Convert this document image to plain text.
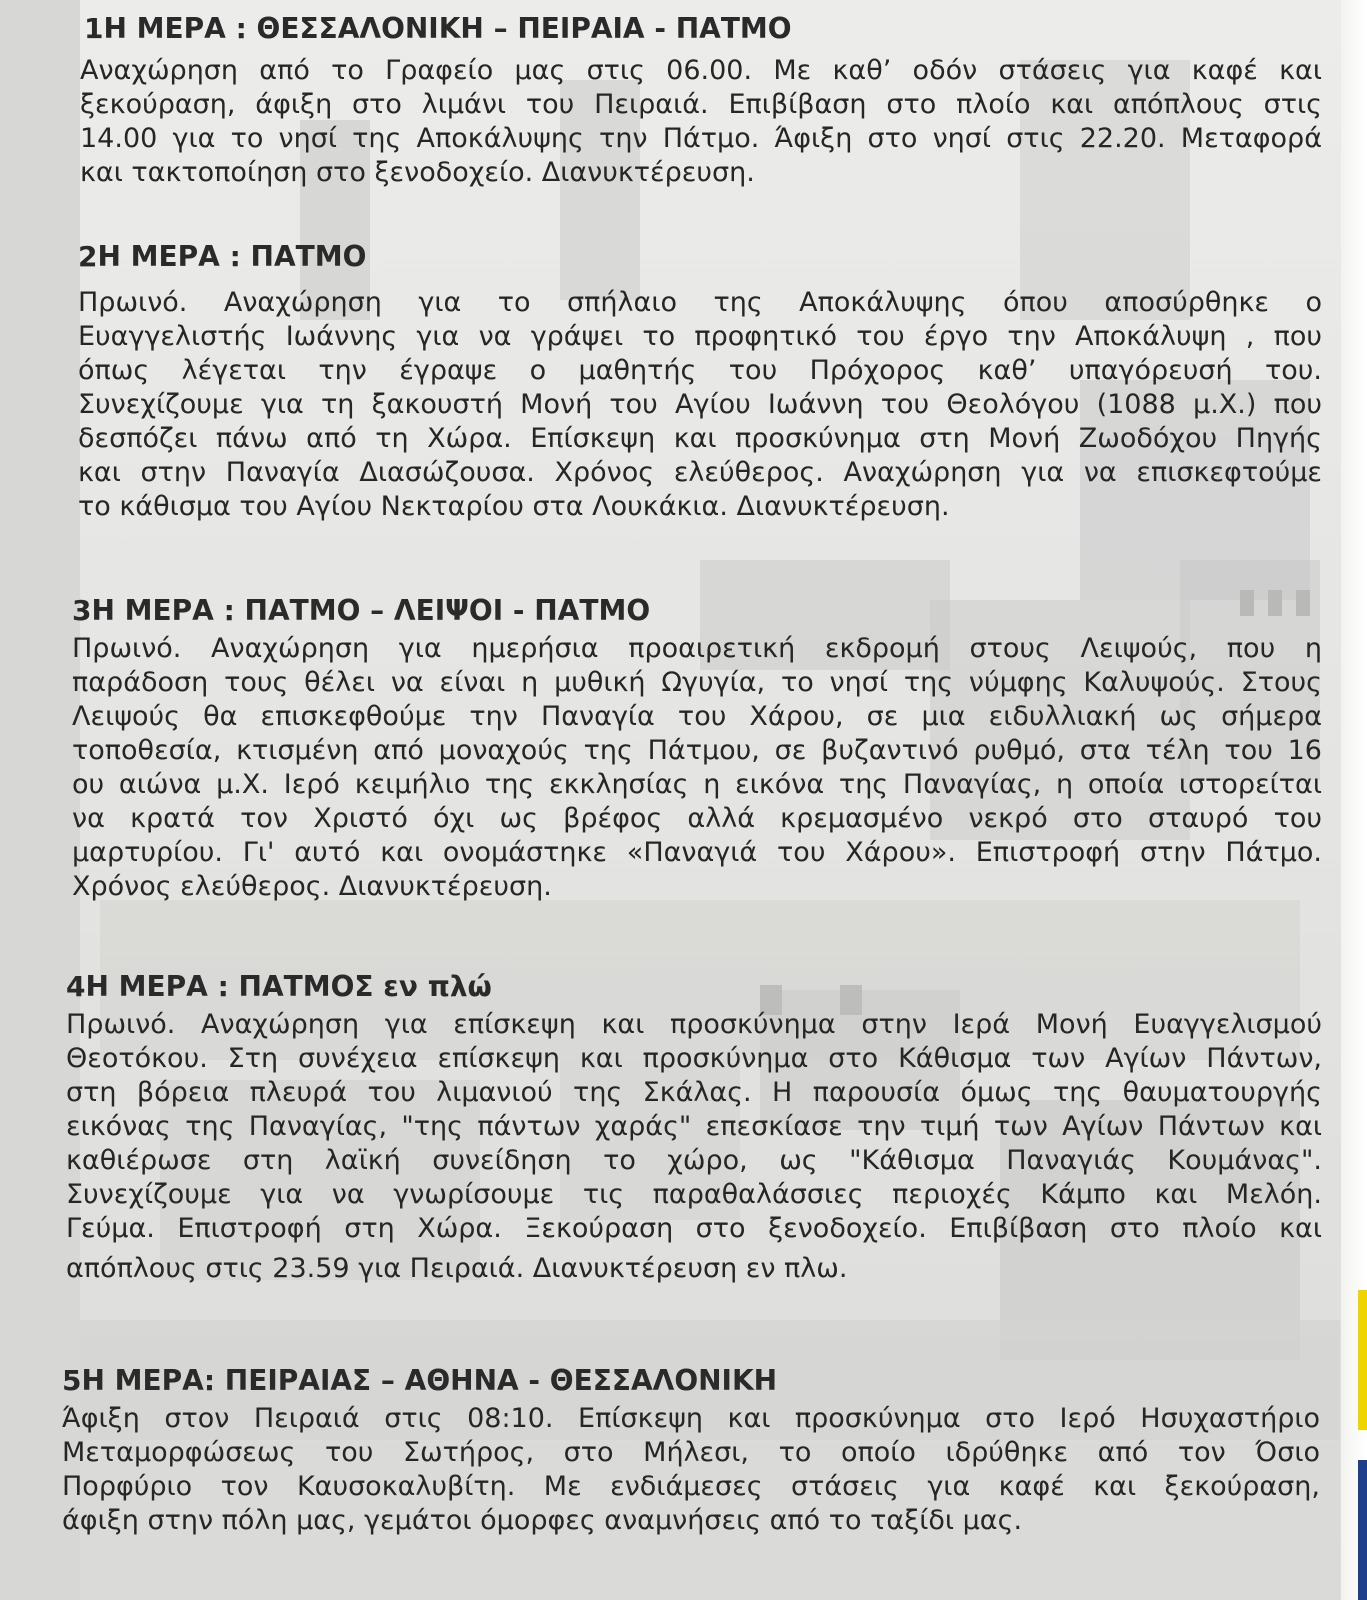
1Η ΜΕΡΑ : ΘΕΣΣΑΛΟΝΙΚΗ – ΠΕΙΡΑΙΑ - ΠΑΤΜΟ

Αναχώρηση από το Γραφείο μας στις 06.00. Με καθ’ οδόν στάσεις για καφέ και

ξεκούραση, άφιξη στο λιμάνι του Πειραιά. Επιβίβαση στο πλοίο και απόπλους στις

14.00 για το νησί της Αποκάλυψης την Πάτμο. Άφιξη στο νησί στις 22.20. Μεταφορά

και τακτοποίηση στο ξενοδοχείο. Διανυκτέρευση.

2Η ΜΕΡΑ : ΠΑΤΜΟ

Πρωινό. Αναχώρηση για το σπήλαιο της Αποκάλυψης όπου αποσύρθηκε ο

Ευαγγελιστής Ιωάννης για να γράψει το προφητικό του έργο την Αποκάλυψη , που

όπως λέγεται την έγραψε ο μαθητής του Πρόχορος καθ’ υπαγόρευσή του.

Συνεχίζουμε για τη ξακουστή Μονή του Αγίου Ιωάννη του Θεολόγου (1088 μ.Χ.) που

δεσπόζει πάνω από τη Χώρα. Επίσκεψη και προσκύνημα στη Μονή Ζωοδόχου Πηγής

και στην Παναγία Διασώζουσα. Χρόνος ελεύθερος. Αναχώρηση για να επισκεφτούμε

το κάθισμα του Αγίου Νεκταρίου στα Λουκάκια. Διανυκτέρευση.

3Η ΜΕΡΑ : ΠΑΤΜΟ – ΛΕΙΨΟΙ - ΠΑΤΜΟ

Πρωινό. Αναχώρηση για ημερήσια προαιρετική εκδρομή στους Λειψούς, που η

παράδοση τους θέλει να είναι η μυθική Ωγυγία, το νησί της νύμφης Καλυψούς. Στους

Λειψούς θα επισκεφθούμε την Παναγία του Χάρου, σε μια ειδυλλιακή ως σήμερα

τοποθεσία, κτισμένη από μοναχούς της Πάτμου, σε βυζαντινό ρυθμό, στα τέλη του 16

ου αιώνα μ.Χ. Ιερό κειμήλιο της εκκλησίας η εικόνα της Παναγίας, η οποία ιστορείται

να κρατά τον Χριστό όχι ως βρέφος αλλά κρεμασμένο νεκρό στο σταυρό του

μαρτυρίου. Γι' αυτό και ονομάστηκε «Παναγιά του Χάρου». Επιστροφή στην Πάτμο.

Χρόνος ελεύθερος. Διανυκτέρευση.

4Η ΜΕΡΑ : ΠΑΤΜΟΣ εν πλώ

Πρωινό. Αναχώρηση για επίσκεψη και προσκύνημα στην Ιερά Μονή Ευαγγελισμού

Θεοτόκου. Στη συνέχεια επίσκεψη και προσκύνημα στο Κάθισμα των Αγίων Πάντων,

στη βόρεια πλευρά του λιμανιού της Σκάλας. Η παρουσία όμως της θαυματουργής

εικόνας της Παναγίας, "της πάντων χαράς" επεσκίασε την τιμή των Αγίων Πάντων και

καθιέρωσε στη λαϊκή συνείδηση το χώρο, ως "Κάθισμα Παναγιάς Κουμάνας".

Συνεχίζουμε για να γνωρίσουμε τις παραθαλάσσιες περιοχές Κάμπο και Μελόη.

Γεύμα. Επιστροφή στη Χώρα. Ξεκούραση στο ξενοδοχείο. Επιβίβαση στο πλοίο και

απόπλους στις 23.59 για Πειραιά. Διανυκτέρευση εν πλω.

5Η ΜΕΡΑ: ΠΕΙΡΑΙΑΣ – ΑΘΗΝΑ - ΘΕΣΣΑΛΟΝΙΚΗ

Άφιξη στον Πειραιά στις 08:10. Επίσκεψη και προσκύνημα στο Ιερό Ησυχαστήριο

Μεταμορφώσεως του Σωτήρος, στο Μήλεσι, το οποίο ιδρύθηκε από τον Όσιο

Πορφύριο τον Καυσοκαλυβίτη. Με ενδιάμεσες στάσεις για καφέ και ξεκούραση,

άφιξη στην πόλη μας, γεμάτοι όμορφες αναμνήσεις από το ταξίδι μας.
